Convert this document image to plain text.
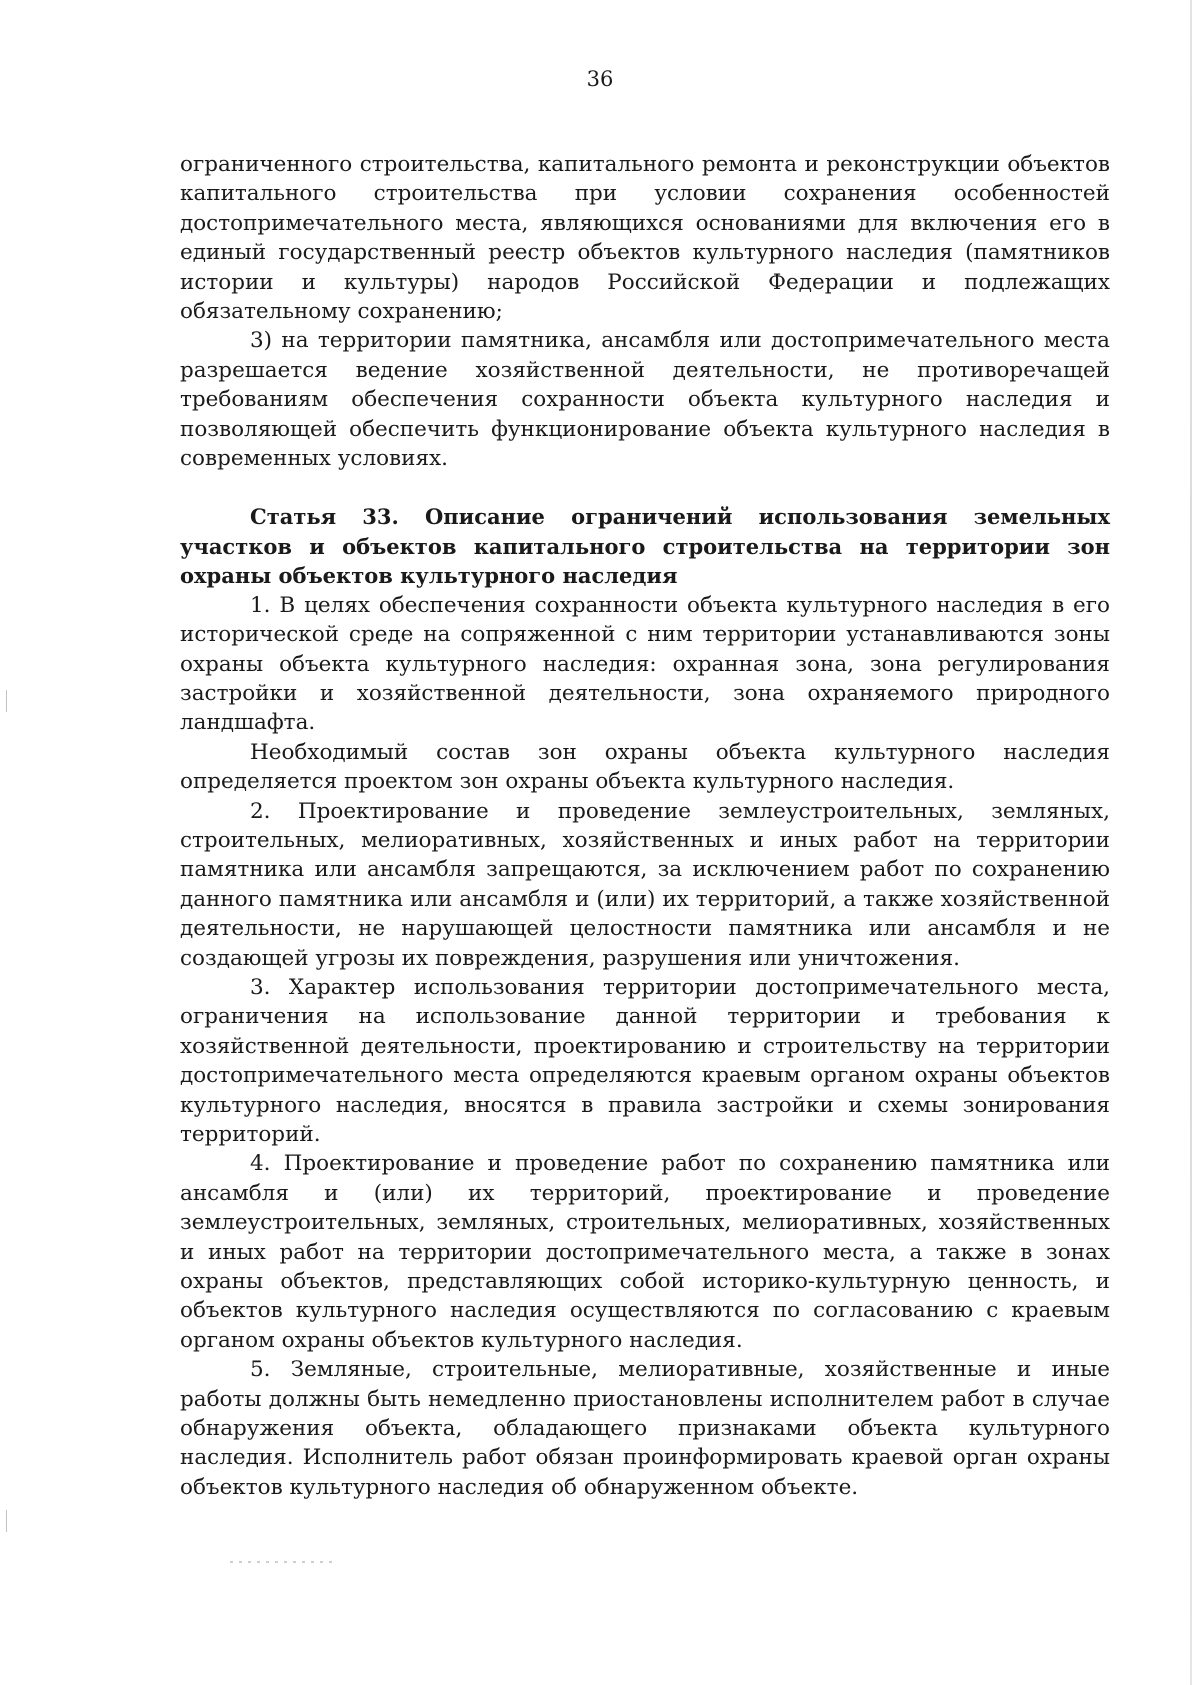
36

ограниченного строительства, капитального ремонта и реконструкции объектов капитального строительства при условии сохранения особенностей достопримечательного места, являющихся основаниями для включения его в единый государственный реестр объектов культурного наследия (памятников истории и культуры) народов Российской Федерации и подлежащих обязательному сохранению;

3) на территории памятника, ансамбля или достопримечательного места разрешается ведение хозяйственной деятельности, не противоречащей требованиям обеспечения сохранности объекта культурного наследия и позволяющей обеспечить функционирование объекта культурного наследия в современных условиях.

Статья 33. Описание ограничений использования земельных участков и объектов капитального строительства на территории зон охраны объектов культурного наследия

1. В целях обеспечения сохранности объекта культурного наследия в его исторической среде на сопряженной с ним территории устанавливаются зоны охраны объекта культурного наследия: охранная зона, зона регулирования застройки и хозяйственной деятельности, зона охраняемого природного ландшафта.

Необходимый состав зон охраны объекта культурного наследия определяется проектом зон охраны объекта культурного наследия.

2. Проектирование и проведение землеустроительных, земляных, строительных, мелиоративных, хозяйственных и иных работ на территории памятника или ансамбля запрещаются, за исключением работ по сохранению данного памятника или ансамбля и (или) их территорий, а также хозяйственной деятельности, не нарушающей целостности памятника или ансамбля и не создающей угрозы их повреждения, разрушения или уничтожения.

3. Характер использования территории достопримечательного места, ограничения на использование данной территории и требования к хозяйственной деятельности, проектированию и строительству на территории достопримечательного места определяются краевым органом охраны объектов культурного наследия, вносятся в правила застройки и схемы зонирования территорий.

4. Проектирование и проведение работ по сохранению памятника или ансамбля и (или) их территорий, проектирование и проведение землеустроительных, земляных, строительных, мелиоративных, хозяйственных и иных работ на территории достопримечательного места, а также в зонах охраны объектов, представляющих собой историко-культурную ценность, и объектов культурного наследия осуществляются по согласованию с краевым органом охраны объектов культурного наследия.

5. Земляные, строительные, мелиоративные, хозяйственные и иные работы должны быть немедленно приостановлены исполнителем работ в случае обнаружения объекта, обладающего признаками объекта культурного наследия. Исполнитель работ обязан проинформировать краевой орган охраны объектов культурного наследия об обнаруженном объекте.
